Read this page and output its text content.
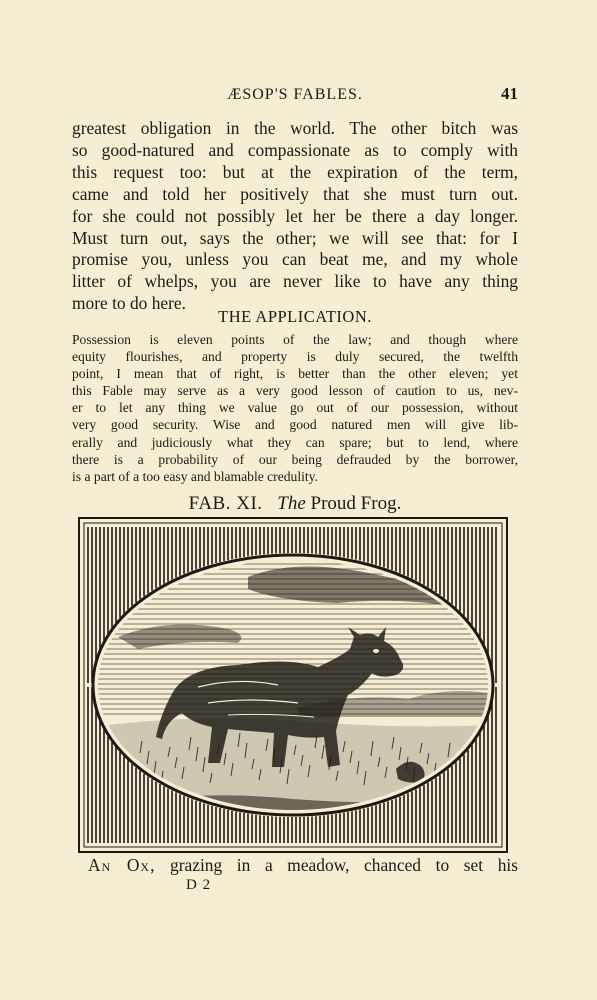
ÆSOP'S FABLES.	41

greatest obligation in the world. The other bitch was
so good-natured and compassionate as to comply with
this request too: but at the expiration of the term,
came and told her positively that she must turn out.
for she could not possibly let her be there a day longer.
Must turn out, says the other; we will see that: for I
promise you, unless you can beat me, and my whole
litter of whelps, you are never like to have any thing
more to do here.

THE APPLICATION.

Possession is eleven points of the law; and though where
equity flourishes, and property is duly secured, the twelfth
point, I mean that of right, is better than the other eleven; yet
this Fable may serve as a very good lesson of caution to us, nev-
er to let any thing we value go out of our possession, without
very good security. Wise and good natured men will give lib-
erally and judiciously what they can spare; but to lend, where
there is a probability of our being defrauded by the borrower,
is a part of a too easy and blamable credulity.

FAB. XI. The Proud Frog.

An Ox, grazing in a meadow, chanced to set his

D 2
